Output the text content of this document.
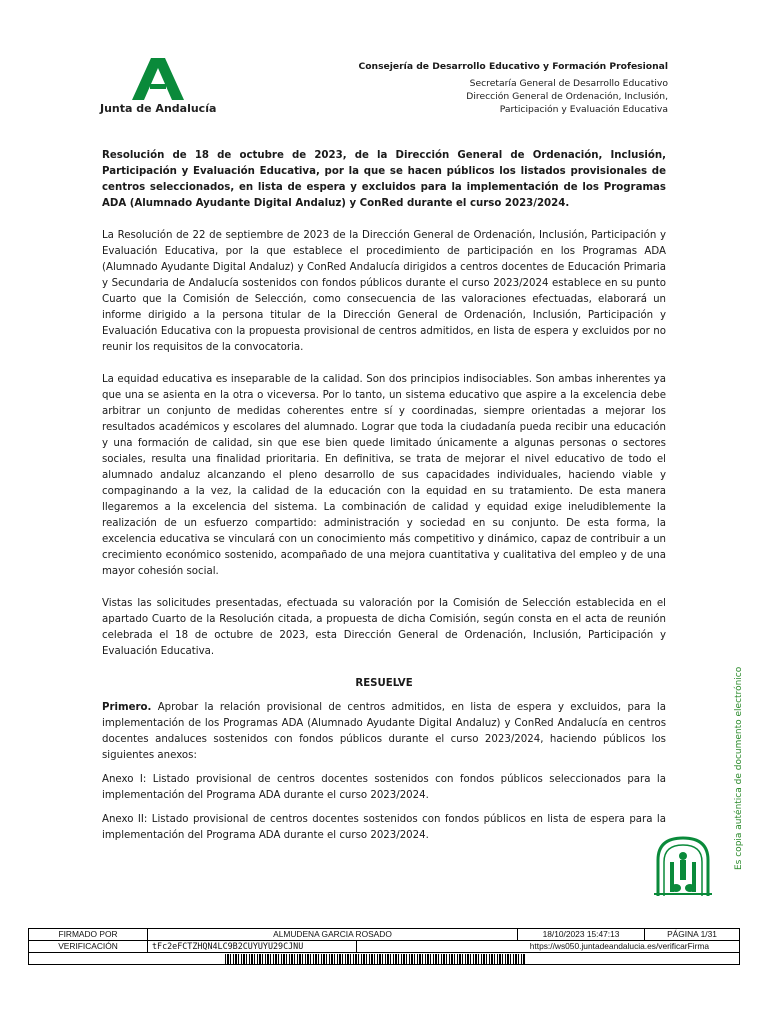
Junta de Andalucía
Consejería de Desarrollo Educativo y Formación Profesional
Secretaría General de Desarrollo Educativo
Dirección General de Ordenación, Inclusión,
Participación y Evaluación Educativa

Resolución de 18 de octubre de 2023, de la Dirección General de Ordenación, Inclusión, Participación y Evaluación Educativa, por la que se hacen públicos los listados provisionales de centros seleccionados, en lista de espera y excluidos para la implementación de los Programas ADA (Alumnado Ayudante Digital Andaluz) y ConRed durante el curso 2023/2024.

La Resolución de 22 de septiembre de 2023 de la Dirección General de Ordenación, Inclusión, Participación y Evaluación Educativa, por la que establece el procedimiento de participación en los Programas ADA (Alumnado Ayudante Digital Andaluz) y ConRed Andalucía dirigidos a centros docentes de Educación Primaria y Secundaria de Andalucía sostenidos con fondos públicos durante el curso 2023/2024 establece en su punto Cuarto que la Comisión de Selección, como consecuencia de las valoraciones efectuadas, elaborará un informe dirigido a la persona titular de la Dirección General de Ordenación, Inclusión, Participación y Evaluación Educativa con la propuesta provisional de centros admitidos, en lista de espera y excluidos por no reunir los requisitos de la convocatoria.

La equidad educativa es inseparable de la calidad. Son dos principios indisociables. Son ambas inherentes ya que una se asienta en la otra o viceversa. Por lo tanto, un sistema educativo que aspire a la excelencia debe arbitrar un conjunto de medidas coherentes entre sí y coordinadas, siempre orientadas a mejorar los resultados académicos y escolares del alumnado. Lograr que toda la ciudadanía pueda recibir una educación y una formación de calidad, sin que ese bien quede limitado únicamente a algunas personas o sectores sociales, resulta una finalidad prioritaria. En definitiva, se trata de mejorar el nivel educativo de todo el alumnado andaluz alcanzando el pleno desarrollo de sus capacidades individuales, haciendo viable y compaginando a la vez, la calidad de la educación con la equidad en su tratamiento. De esta manera llegaremos a la excelencia del sistema. La combinación de calidad y equidad exige ineludiblemente la realización de un esfuerzo compartido: administración y sociedad en su conjunto. De esta forma, la excelencia educativa se vinculará con un conocimiento más competitivo y dinámico, capaz de contribuir a un crecimiento económico sostenido, acompañado de una mejora cuantitativa y cualitativa del empleo y de una mayor cohesión social.

Vistas las solicitudes presentadas, efectuada su valoración por la Comisión de Selección establecida en el apartado Cuarto de la Resolución citada, a propuesta de dicha Comisión, según consta en el acta de reunión celebrada el 18 de octubre de 2023, esta Dirección General de Ordenación, Inclusión, Participación y Evaluación Educativa.

RESUELVE

Primero. Aprobar la relación provisional de centros admitidos, en lista de espera y excluidos, para la implementación de los Programas ADA (Alumnado Ayudante Digital Andaluz) y ConRed Andalucía en centros docentes andaluces sostenidos con fondos públicos durante el curso 2023/2024, haciendo públicos los siguientes anexos:

Anexo I: Listado provisional de centros docentes sostenidos con fondos públicos seleccionados para la implementación del Programa ADA durante el curso 2023/2024.

Anexo II: Listado provisional de centros docentes sostenidos con fondos públicos en lista de espera para la implementación del Programa ADA durante el curso 2023/2024.	Es copia auténtica de documento electrónico
FIRMADO POR	ALMUDENA GARCIA ROSADO		18/10/2023 15:47:13	PÁGINA 1/31
VERIFICACIÓN	tFc2eFCTZHQN4LC9B2CUYUYU29CJNU	https://ws050.juntadeandalucia.es/verificarFirma		
